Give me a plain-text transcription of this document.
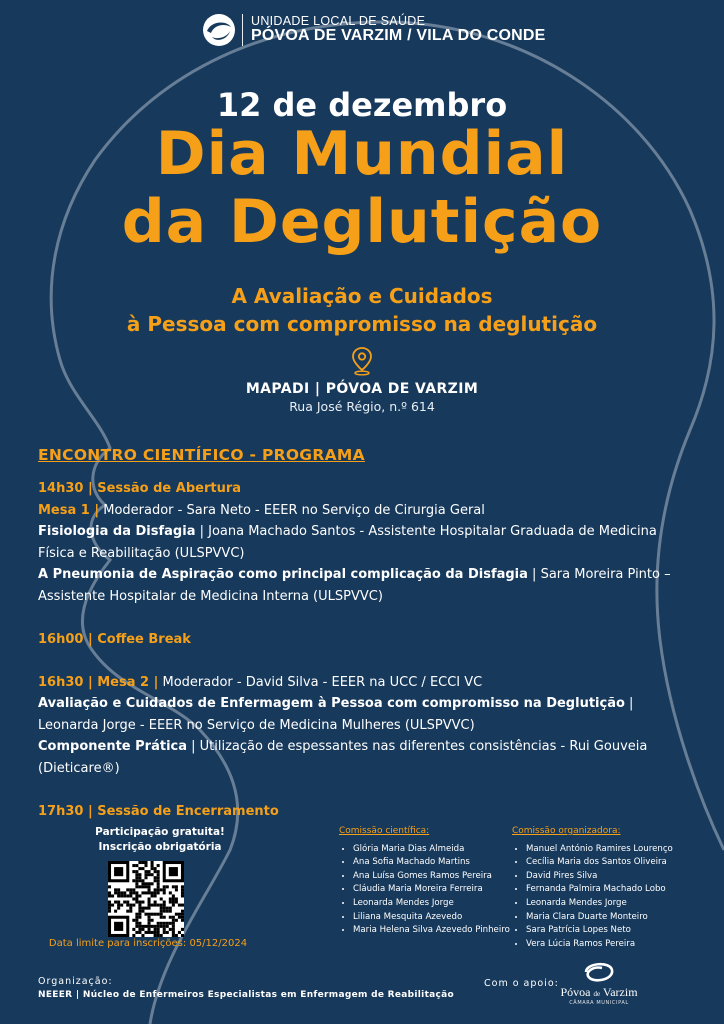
UNIDADE LOCAL DE SAÚDE
PÓVOA DE VARZIM / VILA DO CONDE
12 de dezembro
Dia Mundial
da Deglutição
A Avaliação e Cuidados
à Pessoa com compromisso na deglutição
MAPADI | PÓVOA DE VARZIM
Rua José Régio, n.º 614
ENCONTRO CIENTÍFICO - PROGRAMA

14h30 | Sessão de Abertura

Mesa 1 | Moderador - Sara Neto - EEER no Serviço de Cirurgia Geral

Fisiologia da Disfagia | Joana Machado Santos - Assistente Hospitalar Graduada de Medicina Física e Reabilitação (ULSPVVC)

A Pneumonia de Aspiração como principal complicação da Disfagia | Sara Moreira Pinto – Assistente Hospitalar de Medicina Interna (ULSPVVC)

16h00 | Coffee Break

16h30 | Mesa 2 | Moderador - David Silva - EEER na UCC / ECCI VC

Avaliação e Cuidados de Enfermagem à Pessoa com compromisso na Deglutição | Leonarda Jorge - EEER no Serviço de Medicina Mulheres (ULSPVVC)

Componente Prática | Utilização de espessantes nas diferentes consistências - Rui Gouveia (Dieticare®)

17h30 | Sessão de Encerramento

Participação gratuita!
Inscrição obrigatória
Data limite para inscrições: 05/12/2024
Comissão científica:
• Glória Maria Dias Almeida
• Ana Sofia Machado Martins
• Ana Luísa Gomes Ramos Pereira
• Cláudia Maria Moreira Ferreira
• Leonarda Mendes Jorge
• Liliana Mesquita Azevedo
• Maria Helena Silva Azevedo Pinheiro
Comissão organizadora:
• Manuel António Ramires Lourenço
• Cecília Maria dos Santos Oliveira
• David Pires Silva
• Fernanda Palmira Machado Lobo
• Leonarda Mendes Jorge
• Maria Clara Duarte Monteiro
• Sara Patrícia Lopes Neto
• Vera Lúcia Ramos Pereira
Organização:
NEEER | Núcleo de Enfermeiros Especialistas em Enfermagem de Reabilitação
Com o apoio:
Póvoa de Varzim
CÂMARA MUNICIPAL
